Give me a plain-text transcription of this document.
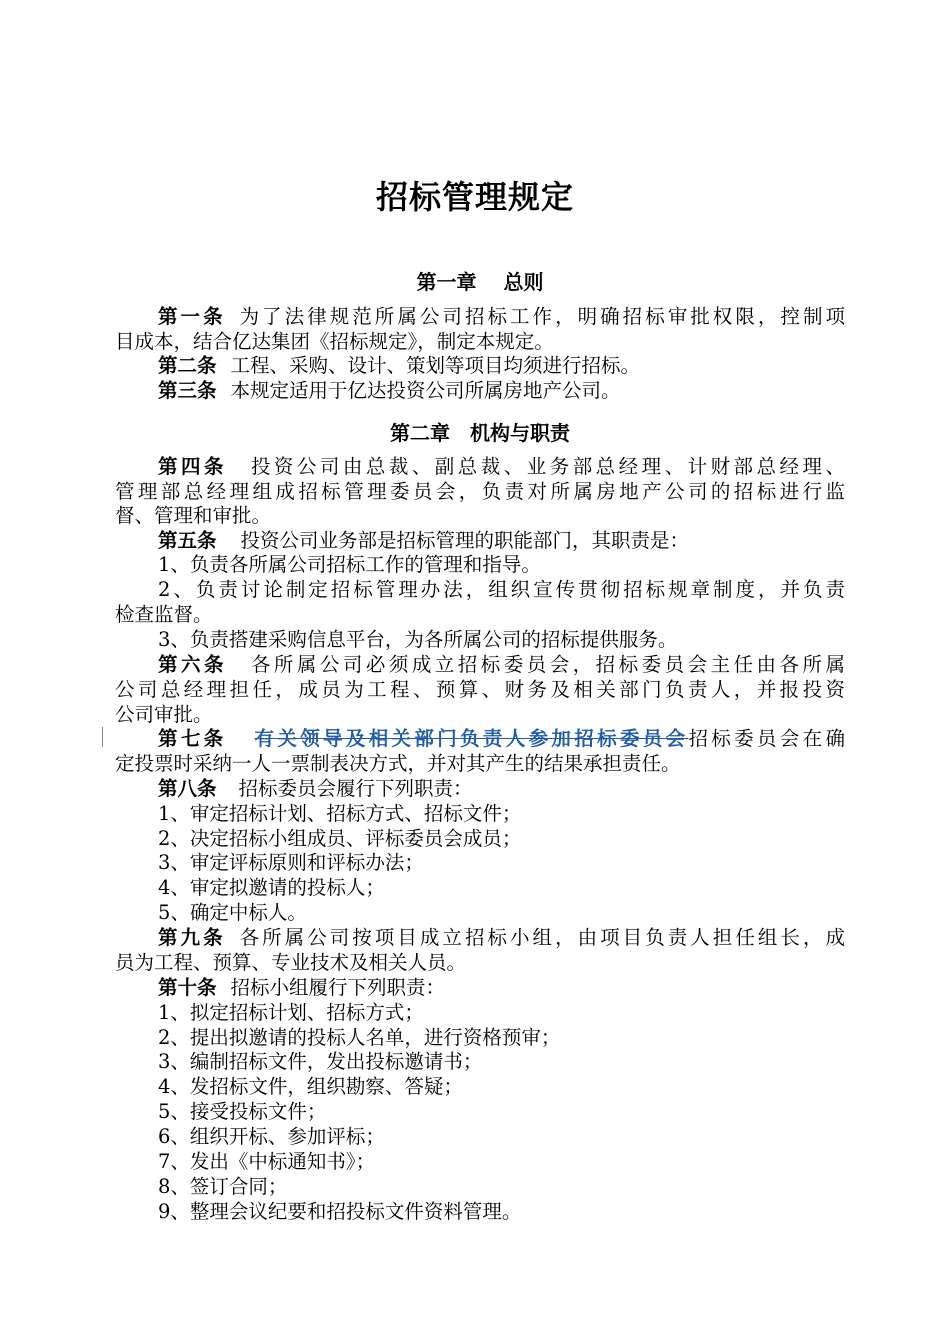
招标管理规定
第一章　 总则
第一条 为了法律规范所属公司招标工作，明确招标审批权限，控制项
目成本，结合亿达集团《招标规定》，制定本规定。
第二条 工程、采购、设计、策划等项目均须进行招标。
第三条 本规定适用于亿达投资公司所属房地产公司。
第二章　机构与职责
第四条 投资公司由总裁、副总裁、业务部总经理、计财部总经理、
管理部总经理组成招标管理委员会，负责对所属房地产公司的招标进行监
督、管理和审批。
第五条 投资公司业务部是招标管理的职能部门，其职责是：
1、负责各所属公司招标工作的管理和指导。
2、负责讨论制定招标管理办法，组织宣传贯彻招标规章制度，并负责
检查监督。
3、负责搭建采购信息平台，为各所属公司的招标提供服务。
第六条 各所属公司必须成立招标委员会，招标委员会主任由各所属
公司总经理担任，成员为工程、预算、财务及相关部门负责人，并报投资
公司审批。
第七条 有关领导及相关部门负责人参加招标委员会招标委员会在确
定投票时采纳一人一票制表决方式，并对其产生的结果承担责任。
第八条 招标委员会履行下列职责：
1、审定招标计划、招标方式、招标文件；
2、决定招标小组成员、评标委员会成员；
3、审定评标原则和评标办法；
4、审定拟邀请的投标人；
5、确定中标人。
第九条 各所属公司按项目成立招标小组，由项目负责人担任组长，成
员为工程、预算、专业技术及相关人员。
第十条 招标小组履行下列职责：
1、拟定招标计划、招标方式；
2、提出拟邀请的投标人名单，进行资格预审；
3、编制招标文件，发出投标邀请书；
4、发招标文件，组织勘察、答疑；
5、接受投标文件；
6、组织开标、参加评标；
7、发出《中标通知书》；
8、签订合同；
9、整理会议纪要和招投标文件资料管理。
